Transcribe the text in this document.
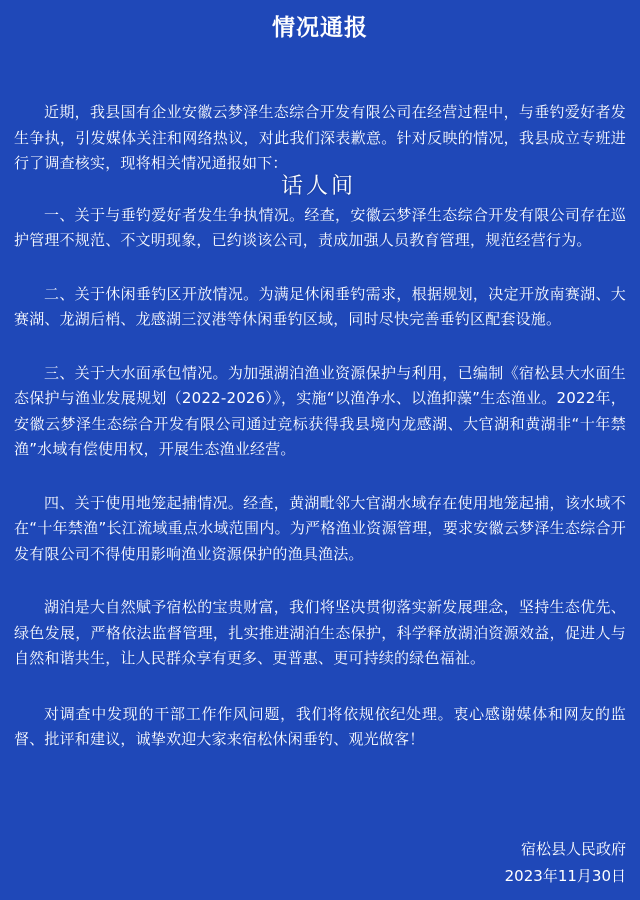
情况通报

近期，我县国有企业安徽云梦泽生态综合开发有限公司在经营过程中，与垂钓爱好者发生争执，引发媒体关注和网络热议，对此我们深表歉意。针对反映的情况，我县成立专班进行了调查核实，现将相关情况通报如下：

一、关于与垂钓爱好者发生争执情况。经查，安徽云梦泽生态综合开发有限公司存在巡护管理不规范、不文明现象，已约谈该公司，责成加强人员教育管理，规范经营行为。

二、关于休闲垂钓区开放情况。为满足休闲垂钓需求，根据规划，决定开放南赛湖、大赛湖、龙湖后梢、龙感湖三汊港等休闲垂钓区域，同时尽快完善垂钓区配套设施。

三、关于大水面承包情况。为加强湖泊渔业资源保护与利用，已编制《宿松县大水面生态保护与渔业发展规划（2022-2026）》，实施“以渔净水、以渔抑藻”生态渔业。2022年，安徽云梦泽生态综合开发有限公司通过竞标获得我县境内龙感湖、大官湖和黄湖非“十年禁渔”水域有偿使用权，开展生态渔业经营。

四、关于使用地笼起捕情况。经查，黄湖毗邻大官湖水域存在使用地笼起捕，该水域不在“十年禁渔”长江流域重点水域范围内。为严格渔业资源管理，要求安徽云梦泽生态综合开发有限公司不得使用影响渔业资源保护的渔具渔法。

湖泊是大自然赋予宿松的宝贵财富，我们将坚决贯彻落实新发展理念，坚持生态优先、绿色发展，严格依法监督管理，扎实推进湖泊生态保护，科学释放湖泊资源效益，促进人与自然和谐共生，让人民群众享有更多、更普惠、更可持续的绿色福祉。

对调查中发现的干部工作作风问题，我们将依规依纪处理。衷心感谢媒体和网友的监督、批评和建议，诚挚欢迎大家来宿松休闲垂钓、观光做客！

话人间
宿松县人民政府
2023年11月30日
